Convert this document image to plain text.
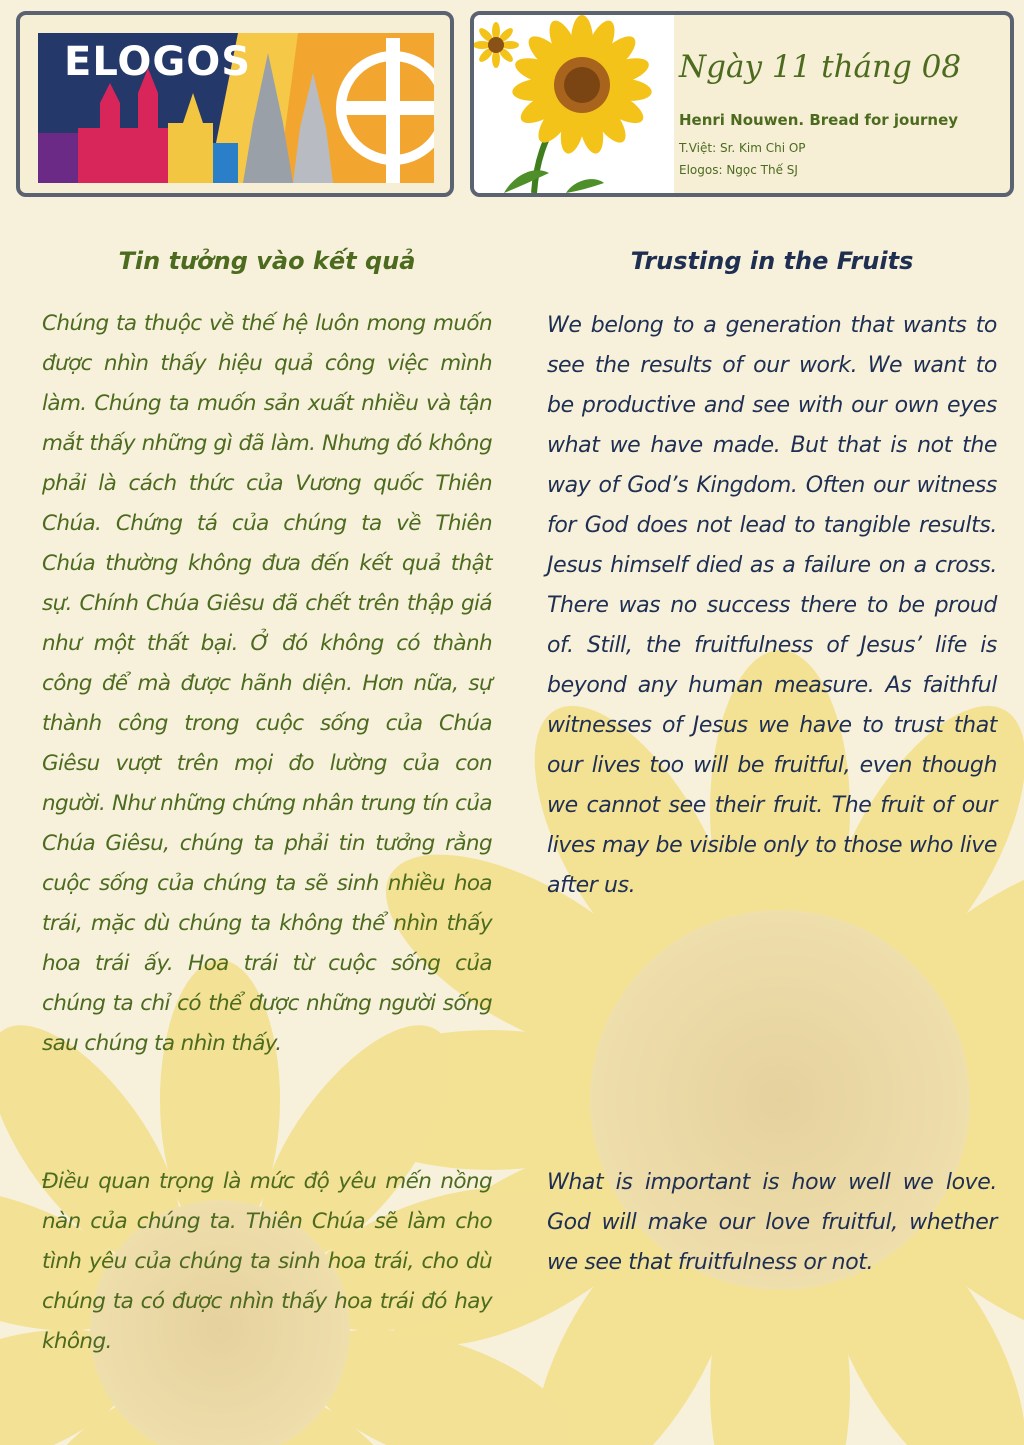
ELOGOS	Ngày 11 tháng 08
Henri Nouwen. Bread for journey
T.Việt: Sr. Kim Chi OP
Elogos: Ngọc Thế SJ
Tin tưởng vào kết quả

Chúng ta thuộc về thế hệ luôn mong muốn được nhìn thấy hiệu quả công việc mình làm. Chúng ta muốn sản xuất nhiều và tận mắt thấy những gì đã làm. Nhưng đó không phải là cách thức của Vương quốc Thiên Chúa. Chứng tá của chúng ta về Thiên Chúa thường không đưa đến kết quả thật sự. Chính Chúa Giêsu đã chết trên thập giá như một thất bại. Ở đó không có thành công để mà được hãnh diện. Hơn nữa, sự thành công trong cuộc sống của Chúa Giêsu vượt trên mọi đo lường của con người. Như những chứng nhân trung tín của Chúa Giêsu, chúng ta phải tin tưởng rằng cuộc sống của chúng ta sẽ sinh nhiều hoa trái, mặc dù chúng ta không thể nhìn thấy hoa trái ấy. Hoa trái từ cuộc sống của chúng ta chỉ có thể được những người sống sau chúng ta nhìn thấy.

Điều quan trọng là mức độ yêu mến nồng nàn của chúng ta. Thiên Chúa sẽ làm cho tình yêu của chúng ta sinh hoa trái, cho dù chúng ta có được nhìn thấy hoa trái đó hay không.

Trusting in the Fruits

We belong to a generation that wants to see the results of our work. We want to be productive and see with our own eyes what we have made. But that is not the way of God’s Kingdom. Often our witness for God does not lead to tangible results. Jesus himself died as a failure on a cross. There was no success there to be proud of. Still, the fruitfulness of Jesus’ life is beyond any human measure. As faithful witnesses of Jesus we have to trust that our lives too will be fruitful, even though we cannot see their fruit. The fruit of our lives may be visible only to those who live after us.

What is important is how well we love. God will make our love fruitful, whether we see that fruitfulness or not.
